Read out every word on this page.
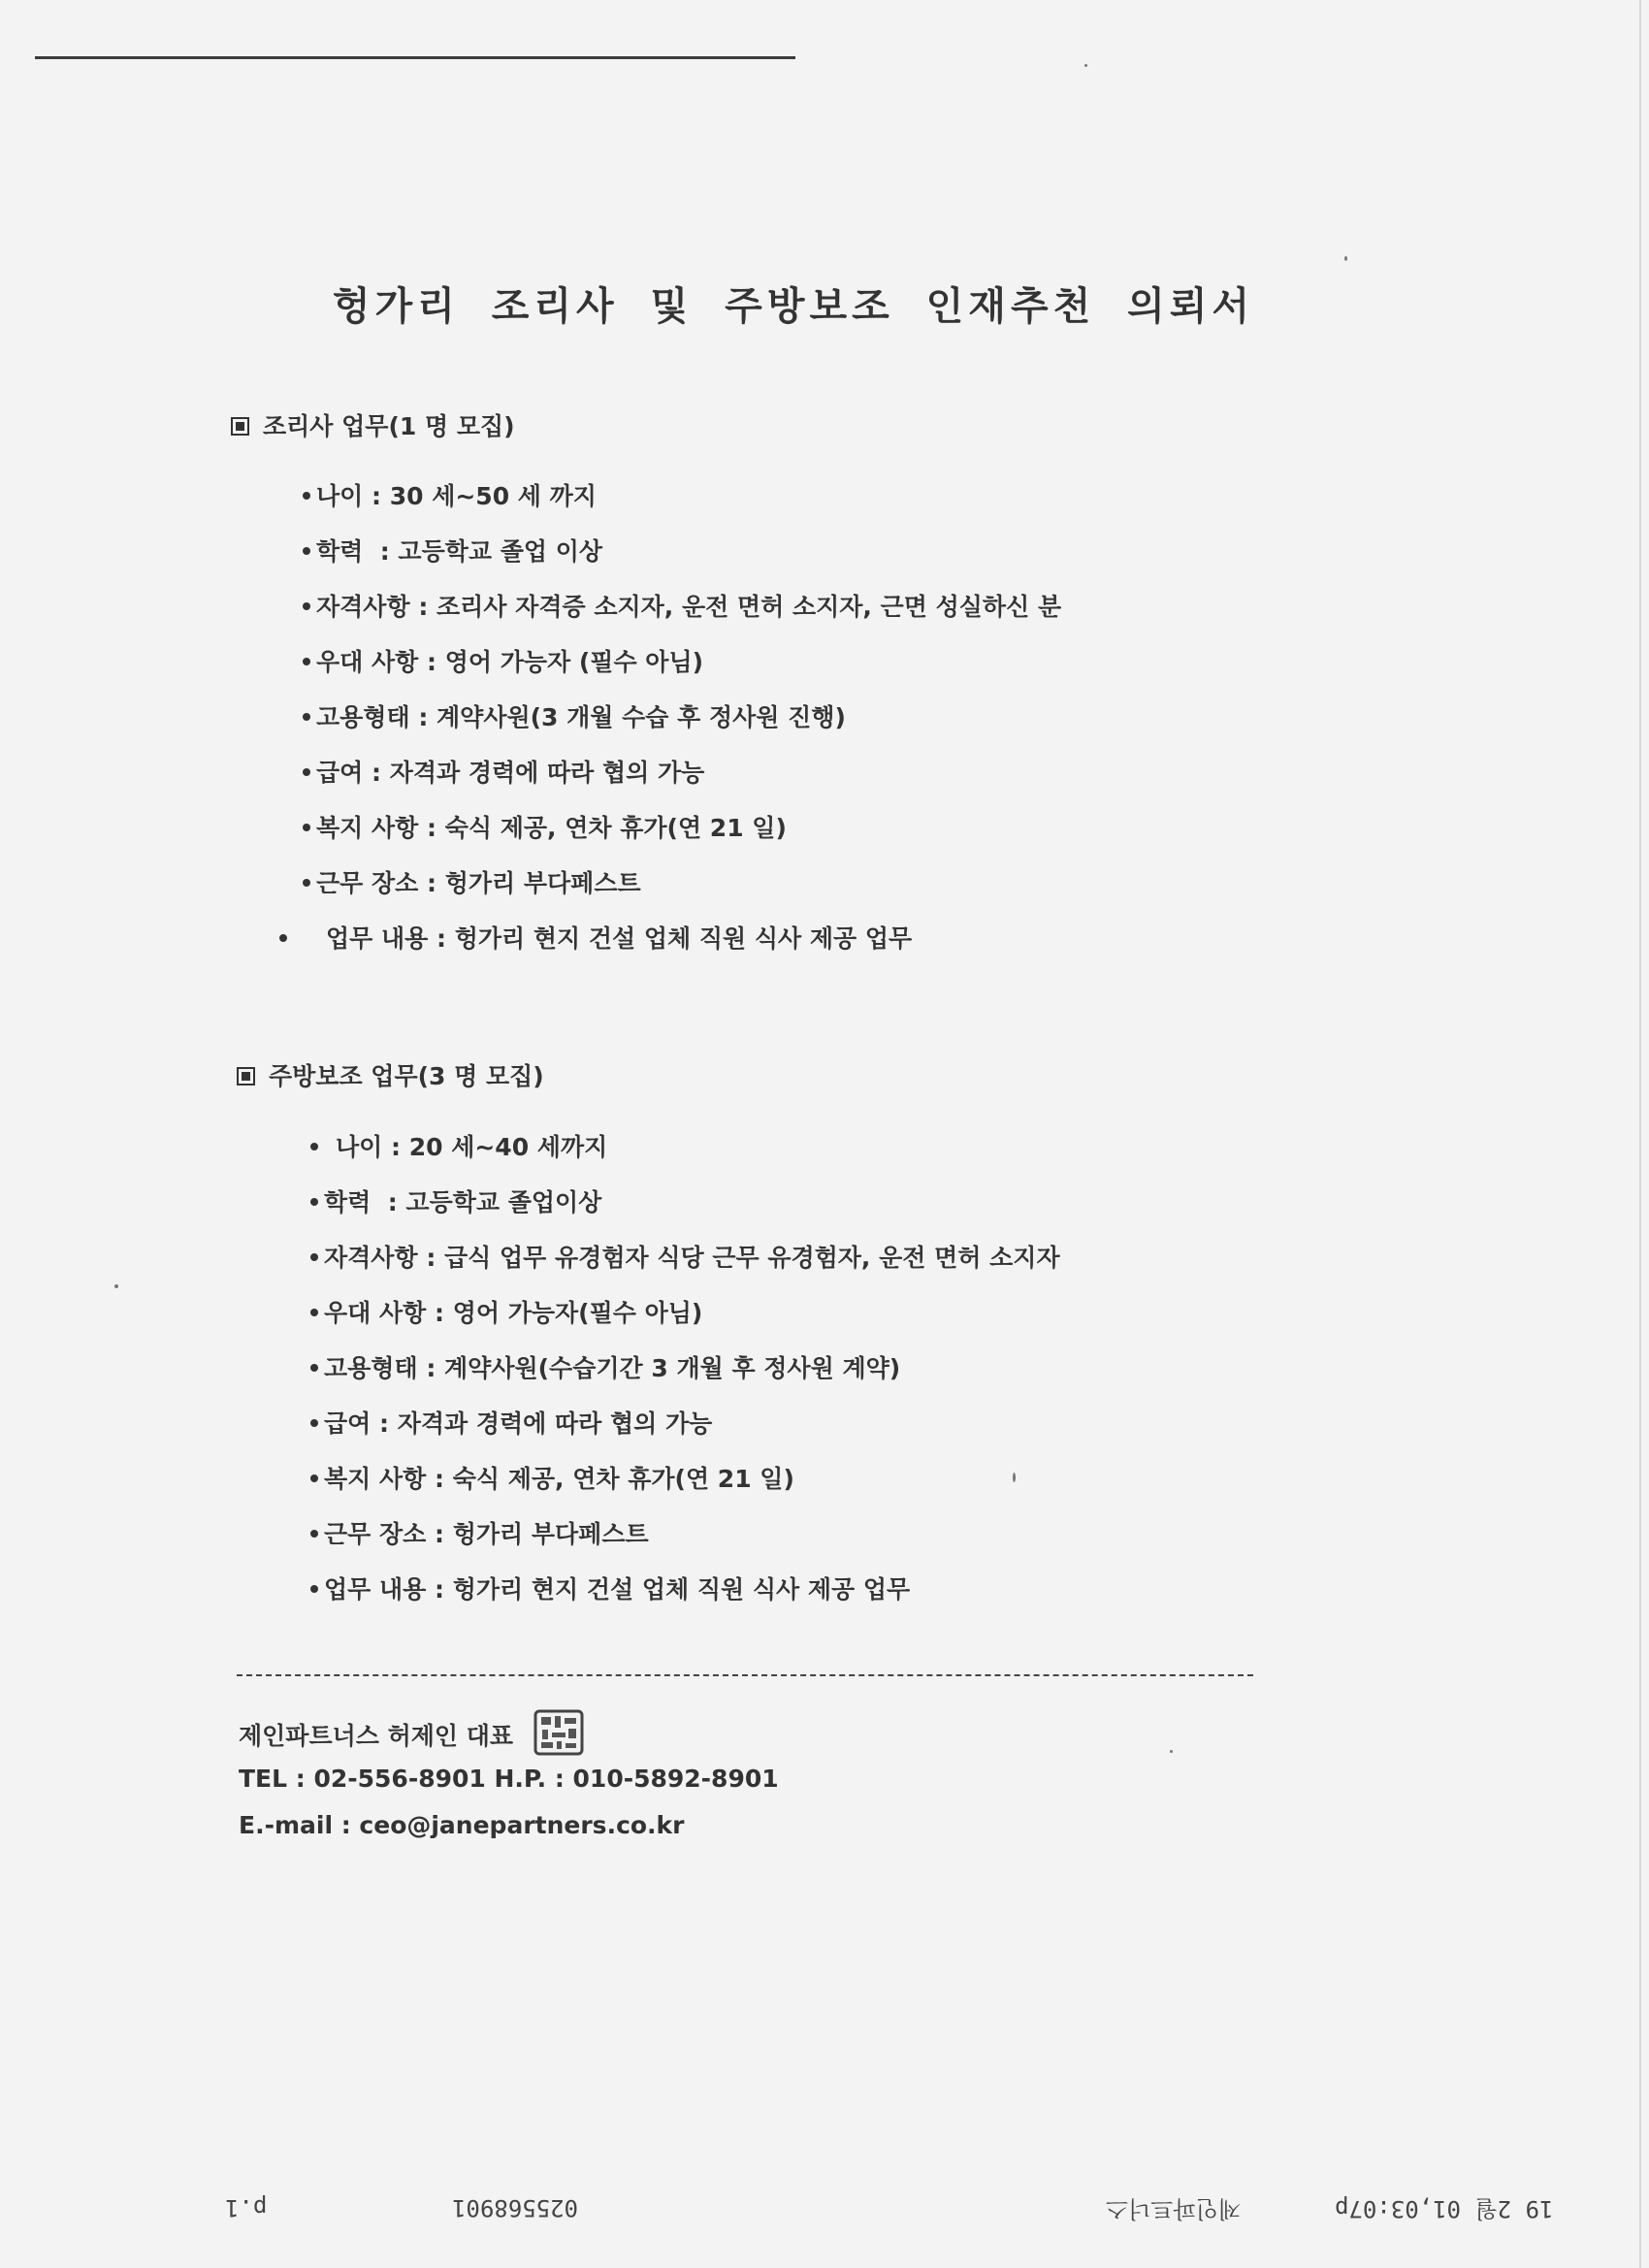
헝가리 조리사 및 주방보조 인재추천 의뢰서
조리사 업무(1 명 모집)
나이 : 30 세~50 세 까지
학력  : 고등학교 졸업 이상
자격사항 : 조리사 자격증 소지자, 운전 면허 소지자, 근면 성실하신 분
우대 사항 : 영어 가능자 (필수 아님)
고용형태 : 계약사원(3 개월 수습 후 정사원 진행)
급여 : 자격과 경력에 따라 협의 가능
복지 사항 : 숙식 제공, 연차 휴가(연 21 일)
근무 장소 : 헝가리 부다페스트
업무 내용 : 헝가리 현지 건설 업체 직원 식사 제공 업무
주방보조 업무(3 명 모집)
나이 : 20 세~40 세까지
학력  : 고등학교 졸업이상
자격사항 : 급식 업무 유경험자 식당 근무 유경험자, 운전 면허 소지자
우대 사항 : 영어 가능자(필수 아님)
고용형태 : 계약사원(수습기간 3 개월 후 정사원 계약)
급여 : 자격과 경력에 따라 협의 가능
복지 사항 : 숙식 제공, 연차 휴가(연 21 일)
근무 장소 : 헝가리 부다페스트
업무 내용 : 헝가리 현지 건설 업체 직원 식사 제공 업무
제인파트너스 허제인 대표
TEL : 02-556-8901 H.P. : 010-5892-8901
E.-mail : ceo@janepartners.co.kr
p.1	025568901	제인파트너스	19 2월 01,03:07p
